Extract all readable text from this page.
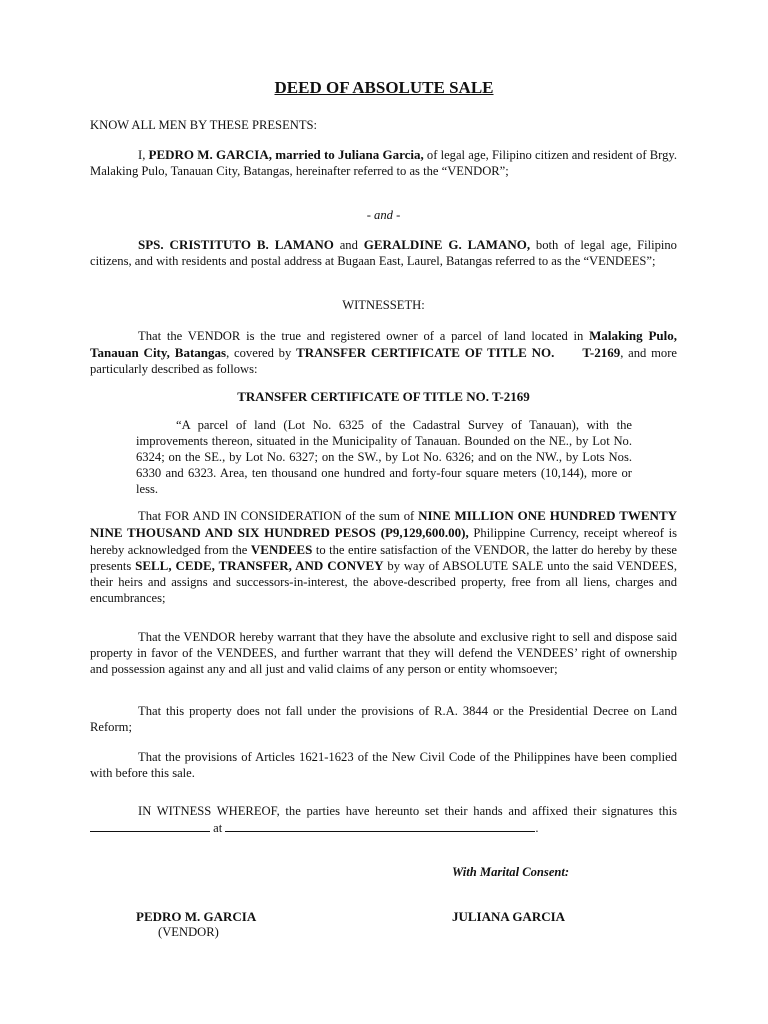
DEED OF ABSOLUTE SALE

KNOW ALL MEN BY THESE PRESENTS:

I, PEDRO M. GARCIA, married to Juliana Garcia, of legal age, Filipino citizen and resident of Brgy. Malaking Pulo, Tanauan City, Batangas, hereinafter referred to as the “VENDOR”;

- and -

SPS. CRISTITUTO B. LAMANO and GERALDINE G. LAMANO, both of legal age, Filipino citizens, and with residents and postal address at Bugaan East, Laurel, Batangas referred to as the “VENDEES”;

WITNESSETH:

That the VENDOR is the true and registered owner of a parcel of land located in Malaking Pulo, Tanauan City, Batangas, covered by TRANSFER CERTIFICATE OF TITLE NO. T-2169, and more particularly described as follows:

TRANSFER CERTIFICATE OF TITLE NO. T-2169

“A parcel of land (Lot No. 6325 of the Cadastral Survey of Tanauan), with the improvements thereon, situated in the Municipality of Tanauan. Bounded on the NE., by Lot No. 6324; on the SE., by Lot No. 6327; on the SW., by Lot No. 6326; and on the NW., by Lots Nos. 6330 and 6323. Area, ten thousand one hundred and forty-four square meters (10,144), more or less.

That FOR AND IN CONSIDERATION of the sum of NINE MILLION ONE HUNDRED TWENTY NINE THOUSAND AND SIX HUNDRED PESOS (P9,129,600.00), Philippine Currency, receipt whereof is hereby acknowledged from the VENDEES to the entire satisfaction of the VENDOR, the latter do hereby by these presents SELL, CEDE, TRANSFER, AND CONVEY by way of ABSOLUTE SALE unto the said VENDEES, their heirs and assigns and successors-in-interest, the above-described property, free from all liens, charges and encumbrances;

That the VENDOR hereby warrant that they have the absolute and exclusive right to sell and dispose said property in favor of the VENDEES, and further warrant that they will defend the VENDEES’ right of ownership and possession against any and all just and valid claims of any person or entity whomsoever;

That this property does not fall under the provisions of R.A. 3844 or the Presidential Decree on Land Reform;

That the provisions of Articles 1621-1623 of the New Civil Code of the Philippines have been complied with before this sale.

IN WITNESS WHEREOF, the parties have hereunto set their hands and affixed their signatures this  at	.

With Marital Consent:
PEDRO M. GARCIA
(VENDOR)
JULIANA GARCIA
